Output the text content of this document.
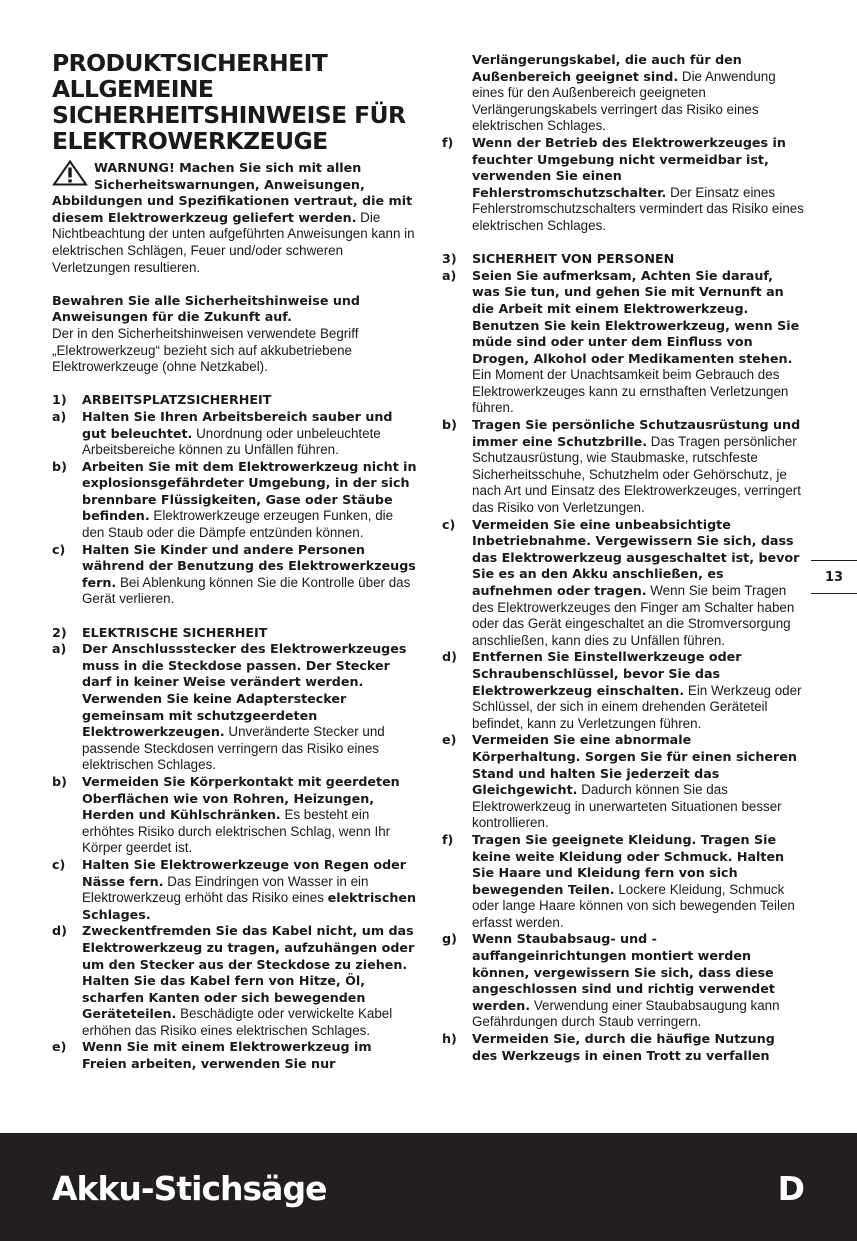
PRODUKTSICHERHEIT ALLGEMEINE SICHERHEITSHINWEISE FÜR ELEKTROWERKZEUGE

WARNUNG! Machen Sie sich mit allen Sicherheitswarnungen, Anweisungen, Abbildungen und Spezifikationen vertraut, die mit diesem Elektrowerkzeug geliefert werden. Die Nichtbeachtung der unten aufgeführten Anweisungen kann in elektrischen Schlägen, Feuer und/oder schweren Verletzungen resultieren.

Bewahren Sie alle Sicherheitshinweise und Anweisungen für die Zukunft auf.
Der in den Sicherheitshinweisen verwendete Begriff „Elektrowerkzeug“ bezieht sich auf akkubetriebene Elektrowerkzeuge (ohne Netzkabel).

1)	ARBEITSPLATZSICHERHEIT
a)	Halten Sie Ihren Arbeitsbereich sauber und gut beleuchtet. Unordnung oder unbeleuchtete Arbeitsbereiche können zu Unfällen führen.
b)	Arbeiten Sie mit dem Elektrowerkzeug nicht in explosionsgefährdeter Umgebung, in der sich brennbare Flüssigkeiten, Gase oder Stäube befinden. Elektrowerkzeuge erzeugen Funken, die den Staub oder die Dämpfe entzünden können.
c)	Halten Sie Kinder und andere Personen während der Benutzung des Elektrowerkzeugs fern. Bei Ablenkung können Sie die Kontrolle über das Gerät verlieren.
2)	ELEKTRISCHE SICHERHEIT
a)	Der Anschlussstecker des Elektrowerkzeuges muss in die Steckdose passen. Der Stecker darf in keiner Weise verändert werden. Verwenden Sie keine Adapterstecker gemeinsam mit schutzgeerdeten Elektrowerkzeugen. Unveränderte Stecker und passende Steckdosen verringern das Risiko eines elektrischen Schlages.
b)	Vermeiden Sie Körperkontakt mit geerdeten Oberflächen wie von Rohren, Heizungen, Herden und Kühlschränken. Es besteht ein erhöhtes Risiko durch elektrischen Schlag, wenn Ihr Körper geerdet ist.
c)	Halten Sie Elektrowerkzeuge von Regen oder Nässe fern. Das Eindringen von Wasser in ein Elektrowerkzeug erhöht das Risiko eines elektrischen Schlages.
d)	Zweckentfremden Sie das Kabel nicht, um das Elektrowerkzeug zu tragen, aufzuhängen oder um den Stecker aus der Steckdose zu ziehen. Halten Sie das Kabel fern von Hitze, Öl, scharfen Kanten oder sich bewegenden Geräteteilen. Beschädigte oder verwickelte Kabel erhöhen das Risiko eines elektrischen Schlages.
e)	Wenn Sie mit einem Elektrowerkzeug im Freien arbeiten, verwenden Sie nur
Verlängerungskabel, die auch für den Außenbereich geeignet sind. Die Anwendung eines für den Außenbereich geeigneten Verlängerungskabels verringert das Risiko eines elektrischen Schlages.
f)	Wenn der Betrieb des Elektrowerkzeuges in feuchter Umgebung nicht vermeidbar ist, verwenden Sie einen Fehlerstromschutzschalter. Der Einsatz eines Fehlerstromschutzschalters vermindert das Risiko eines elektrischen Schlages.
3)	SICHERHEIT VON PERSONEN
a)	Seien Sie aufmerksam, Achten Sie darauf, was Sie tun, und gehen Sie mit Vernunft an die Arbeit mit einem Elektrowerkzeug. Benutzen Sie kein Elektrowerkzeug, wenn Sie müde sind oder unter dem Einfluss von Drogen, Alkohol oder Medikamenten stehen. Ein Moment der Unachtsamkeit beim Gebrauch des Elektrowerkzeuges kann zu ernsthaften Verletzungen führen.
b)	Tragen Sie persönliche Schutzausrüstung und immer eine Schutzbrille. Das Tragen persönlicher Schutzausrüstung, wie Staubmaske, rutschfeste Sicherheitsschuhe, Schutzhelm oder Gehörschutz, je nach Art und Einsatz des Elektrowerkzeuges, verringert das Risiko von Verletzungen.
c)	Vermeiden Sie eine unbeabsichtigte Inbetriebnahme. Vergewissern Sie sich, dass das Elektrowerkzeug ausgeschaltet ist, bevor Sie es an den Akku anschließen, es aufnehmen oder tragen. Wenn Sie beim Tragen des Elektrowerkzeuges den Finger am Schalter haben oder das Gerät eingeschaltet an die Stromversorgung anschließen, kann dies zu Unfällen führen.
d)	Entfernen Sie Einstellwerkzeuge oder Schraubenschlüssel, bevor Sie das Elektrowerkzeug einschalten. Ein Werkzeug oder Schlüssel, der sich in einem drehenden Geräteteil befindet, kann zu Verletzungen führen.
e)	Vermeiden Sie eine abnormale Körperhaltung. Sorgen Sie für einen sicheren Stand und halten Sie jederzeit das Gleichgewicht. Dadurch können Sie das Elektrowerkzeug in unerwarteten Situationen besser kontrollieren.
f)	Tragen Sie geeignete Kleidung. Tragen Sie keine weite Kleidung oder Schmuck. Halten Sie Haare und Kleidung fern von sich bewegenden Teilen. Lockere Kleidung, Schmuck oder lange Haare können von sich bewegenden Teilen erfasst werden.
g)	Wenn Staubabsaug- und -auffangeinrichtungen montiert werden können, vergewissern Sie sich, dass diese angeschlossen sind und richtig verwendet werden. Verwendung einer Staubabsaugung kann Gefährdungen durch Staub verringern.
h)	Vermeiden Sie, durch die häufige Nutzung des Werkzeugs in einen Trott zu verfallen
13
Akku-Stichsäge	D
